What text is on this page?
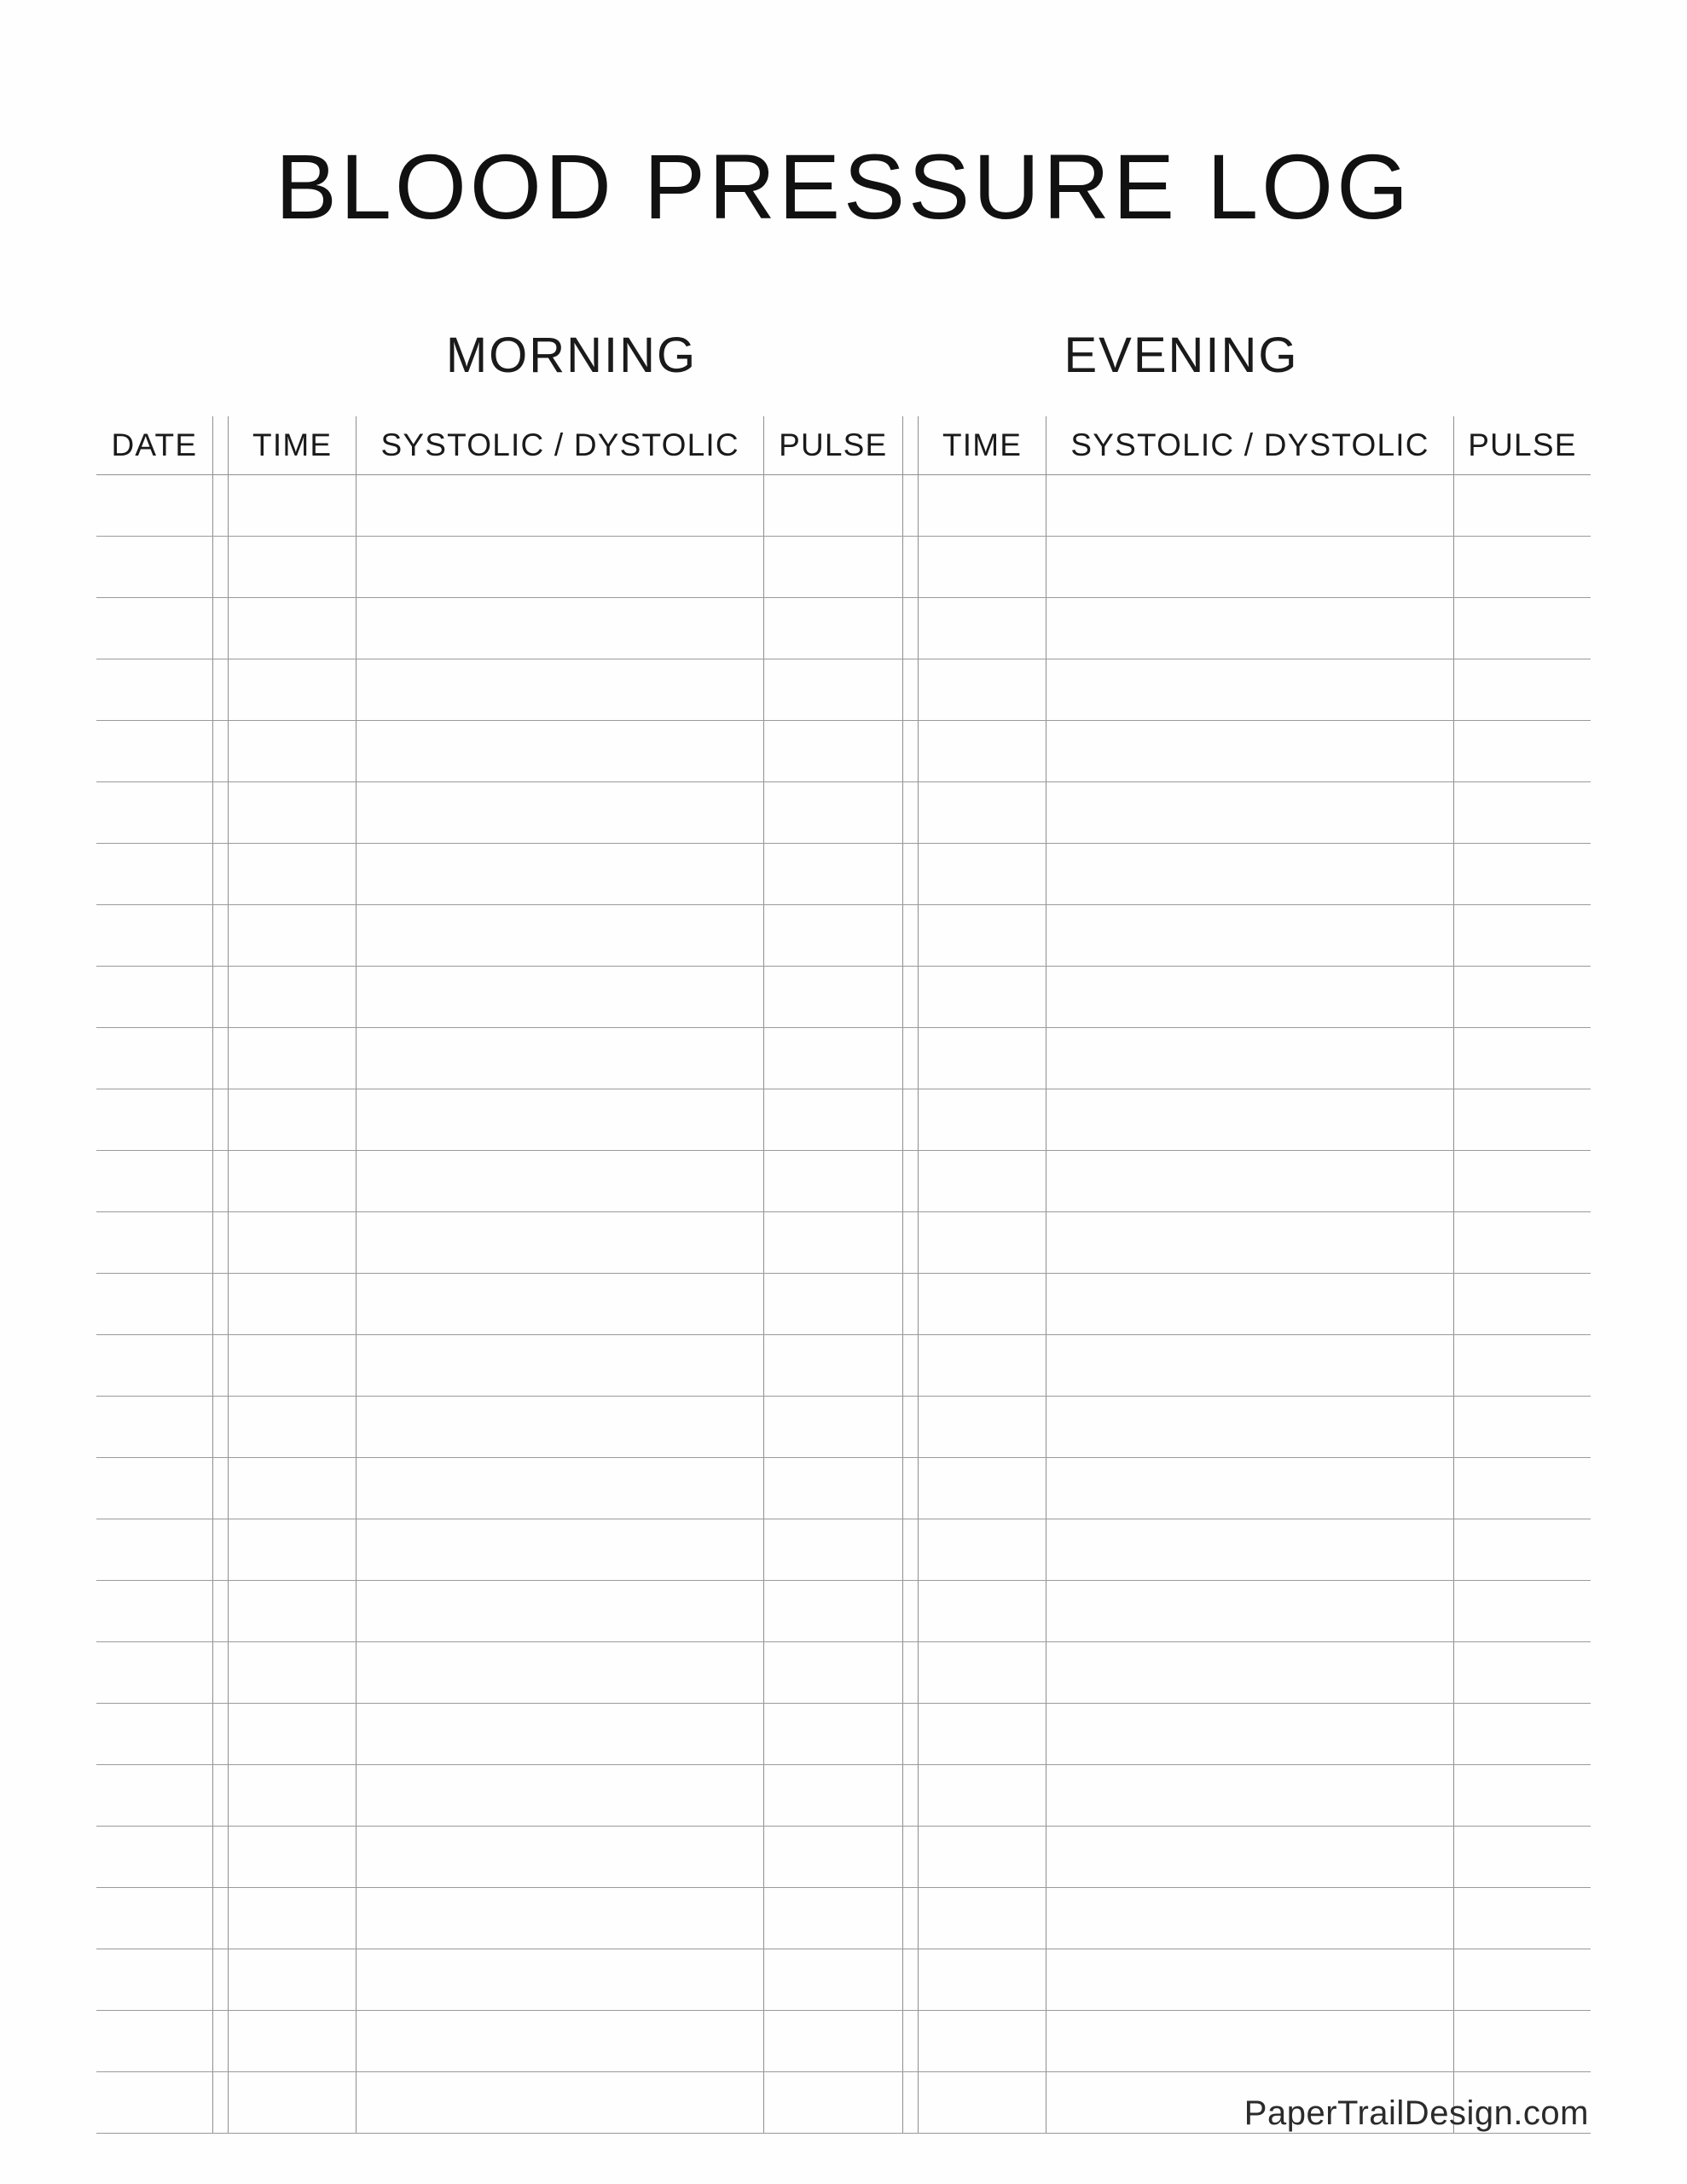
BLOOD PRESSURE LOG
MORNING	EVENING
DATE		TIME	SYSTOLIC / DYSTOLIC	PULSE		TIME	SYSTOLIC / DYSTOLIC	PULSE

PaperTrailDesign.com
